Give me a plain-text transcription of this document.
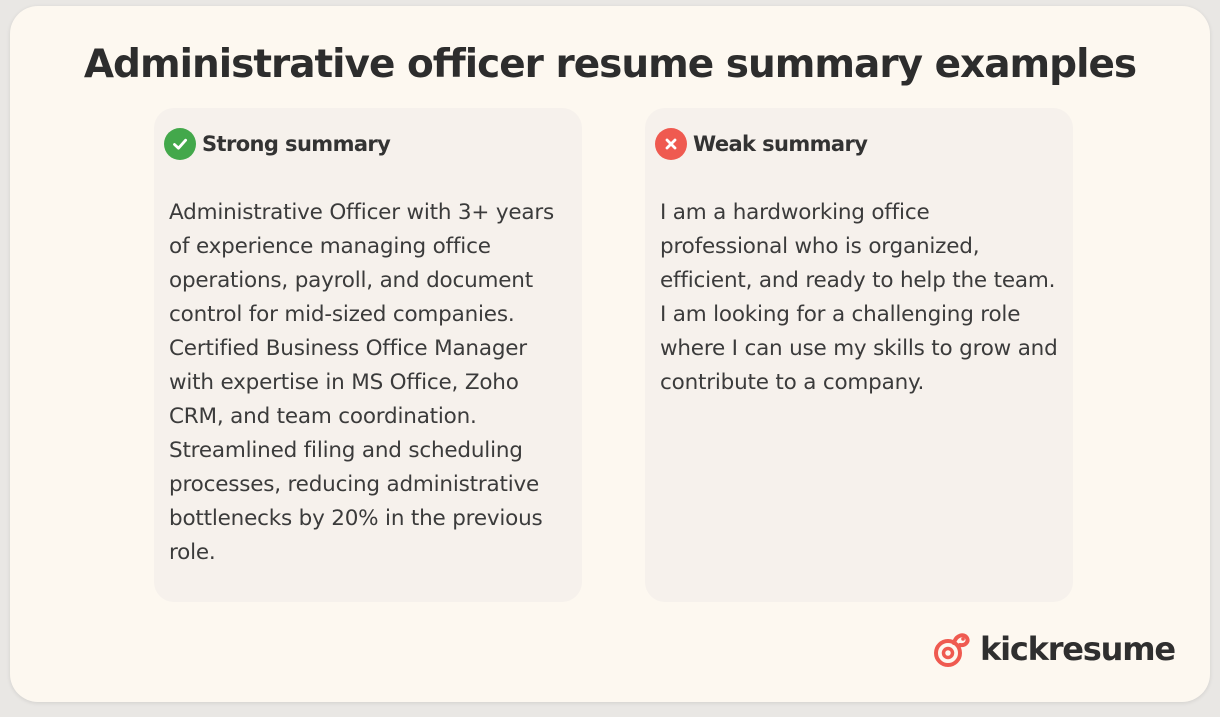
Administrative officer resume summary examples
Strong summary

Administrative Officer with 3+ years of experience managing office operations, payroll, and document control for mid-sized companies. Certified Business Office Manager with expertise in MS Office, Zoho CRM, and team coordination. Streamlined filing and scheduling processes, reducing administrative bottlenecks by 20% in the previous role.

Weak summary

I am a hardworking office professional who is organized, efficient, and ready to help the team. I am looking for a challenging role where I can use my skills to grow and contribute to a company.

kickresume
